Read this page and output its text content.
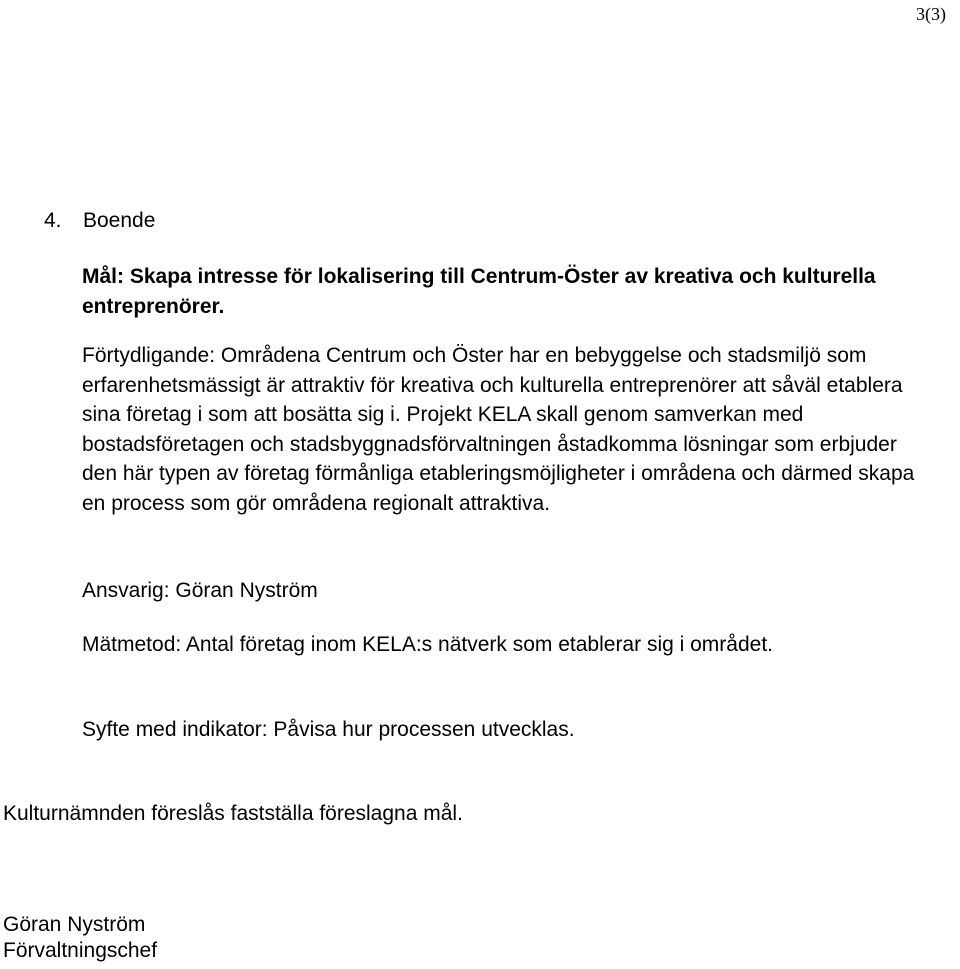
3(3)
4. Boende
Mål: Skapa intresse för lokalisering till Centrum-Öster av kreativa och kulturella entreprenörer.
Förtydligande: Områdena Centrum och Öster har en bebyggelse och stadsmiljö som erfarenhetsmässigt är attraktiv för kreativa och kulturella entreprenörer att såväl etablera sina företag i som att bosätta sig i. Projekt KELA skall genom samverkan med bostadsföretagen och stadsbyggnadsförvaltningen åstadkomma lösningar som erbjuder den här typen av företag förmånliga etableringsmöjligheter i områdena och därmed skapa en process som gör områdena regionalt attraktiva.
Ansvarig: Göran Nyström
Mätmetod: Antal företag inom KELA:s nätverk som etablerar sig i området.
Syfte med indikator: Påvisa hur processen utvecklas.
Kulturnämnden föreslås fastställa föreslagna mål.
Göran Nyström
Förvaltningschef
